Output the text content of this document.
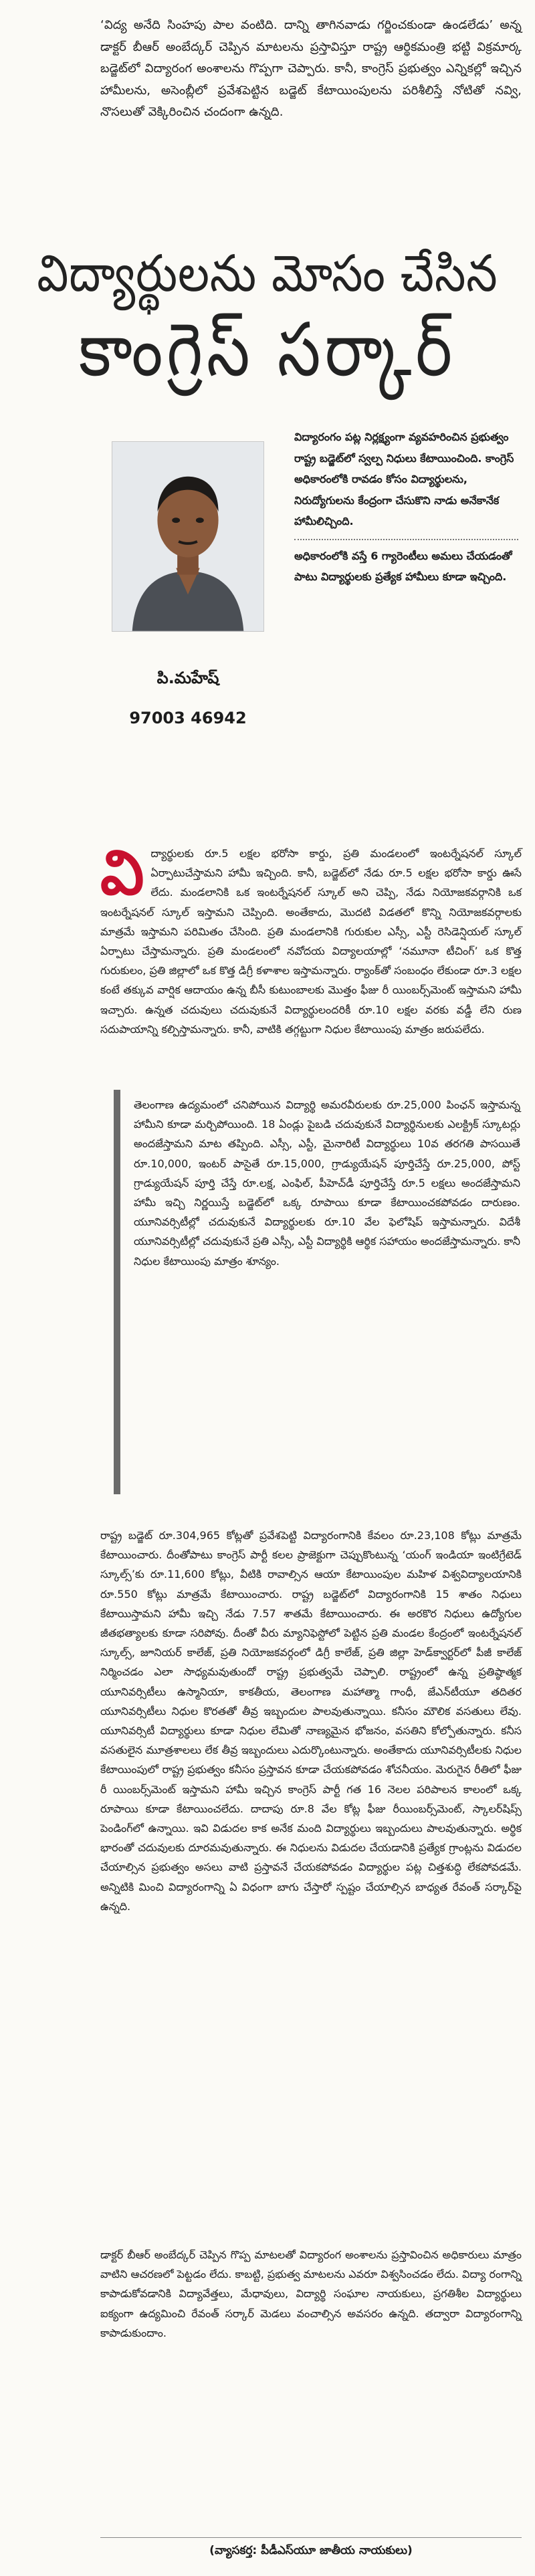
‘విద్య అనేది సింహపు పాల వంటిది. దాన్ని తాగినవాడు గర్జించకుండా ఉండలేడు’ అన్న డాక్టర్ బీఆర్ అంబేద్కర్ చెప్పిన మాటలను ప్రస్తావిస్తూ రాష్ట్ర ఆర్థికమంత్రి భట్టి విక్రమార్క బడ్జెట్‌లో విద్యారంగ అంశాలను గొప్పగా చెప్పారు. కానీ, కాంగ్రెస్ ప్రభుత్వం ఎన్నికల్లో ఇచ్చిన హామీలను, అసెంబ్లీలో ప్రవేశపెట్టిన బడ్జెట్ కేటాయింపులను పరిశీలిస్తే నోటితో నవ్వి, నొసలుతో వెక్కిరించిన చందంగా ఉన్నది.

విద్యార్థులను మోసం చేసిన
కాంగ్రెస్ సర్కార్
పి.మహేష్
97003 46942

విద్యారంగం పట్ల నిర్లక్ష్యంగా వ్యవహరించిన ప్రభుత్వం రాష్ట్ర బడ్జెట్‌లో స్వల్ప నిధులు కేటాయించింది. కాంగ్రెస్ అధికారంలోకి రావడం కోసం విద్యార్థులను, నిరుద్యోగులను కేంద్రంగా చేసుకొని నాడు అనేకానేక హామీలిచ్చింది.

అధికారంలోకి వస్తే 6 గ్యారెంటీలు అమలు చేయడంతో పాటు విద్యార్థులకు ప్రత్యేక హామీలు కూడా ఇచ్చింది.

వి ద్యార్థులకు రూ.5 లక్షల భరోసా కార్డు, ప్రతి మండలంలో ఇంటర్నేషనల్ స్కూల్ ఏర్పాటుచేస్తామని హామీ ఇచ్చింది. కానీ, బడ్జెట్‌లో నేడు రూ.5 లక్షల భరోసా కార్డు ఊసే లేదు. మండలానికి ఒక ఇంటర్నేషనల్ స్కూల్ అని చెప్పి, నేడు నియోజకవర్గానికి ఒక ఇంటర్నేషనల్ స్కూల్ ఇస్తామని చెప్పింది. అంతేకాదు, మొదటి విడతలో కొన్ని నియోజకవర్గాలకు మాత్రమే ఇస్తామని పరిమితం చేసింది. ప్రతి మండలానికి గురుకుల ఎస్సీ, ఎస్టీ రెసిడెన్షియల్ స్కూల్ ఏర్పాటు చేస్తామన్నారు. ప్రతి మండలంలో నవోదయ విద్యాలయాల్లో ‘నమూనా టీచింగ్’ ఒక కొత్త గురుకులం, ప్రతి జిల్లాలో ఒక కొత్త డిగ్రీ కళాశాల ఇస్తామన్నారు. ర్యాంక్‌తో సంబంధం లేకుండా రూ.3 లక్షల కంటే తక్కువ వార్షిక ఆదాయం ఉన్న బీసీ కుటుంబాలకు మొత్తం ఫీజు రీ యింబర్స్‌మెంట్ ఇస్తామని హామీ ఇచ్చారు. ఉన్నత చదువులు చదువుకునే విద్యార్థులందరికీ రూ.10 లక్షల వరకు వడ్డీ లేని రుణ సదుపాయాన్ని కల్పిస్తామన్నారు. కానీ, వాటికి తగ్గట్టుగా నిధుల కేటాయింపు మాత్రం జరుపలేదు.

తెలంగాణ ఉద్యమంలో చనిపోయిన విద్యార్థి అమరవీరులకు రూ.25,000 పింఛన్ ఇస్తామన్న హామీని కూడా మర్చిపోయింది. 18 ఏండ్లు పైబడి చదువుకునే విద్యార్థినులకు ఎలక్ట్రిక్ స్కూటర్లు అందజేస్తామని మాట తప్పింది. ఎస్సీ, ఎస్టీ, మైనారిటీ విద్యార్థులు 10వ తరగతి పాసయితే రూ.10,000, ఇంటర్ పాసైతే రూ.15,000, గ్రాడ్యుయేషన్ పూర్తిచేస్తే రూ.25,000, పోస్ట్ గ్రాడ్యుయేషన్ పూర్తి చేస్తే రూ.లక్ష, ఎంఫిల్, పీహెచ్‌డీ పూర్తిచేస్తే రూ.5 లక్షలు అందజేస్తామని హామీ ఇచ్చి నిర్ణయిస్తే బడ్జెట్‌లో ఒక్క రూపాయి కూడా కేటాయించకపోవడం దారుణం. యూనివర్సిటీల్లో చదువుకునే విద్యార్థులకు రూ.10 వేల ఫెలోషిప్ ఇస్తామన్నారు. విదేశీ యూనివర్సిటీల్లో చదువుకునే ప్రతి ఎస్సీ, ఎస్టీ విద్యార్థికి ఆర్థిక సహాయం అందజేస్తామన్నారు. కానీ నిధుల కేటాయింపు మాత్రం శూన్యం.

రాష్ట్ర బడ్జెట్ రూ.304,965 కోట్లతో ప్రవేశపెట్టి విద్యారంగానికి కేవలం రూ.23,108 కోట్లు మాత్రమే కేటాయించారు. దీంతోపాటు కాంగ్రెస్ పార్టీ కలల ప్రాజెక్టుగా చెప్పుకొంటున్న ‘యంగ్ ఇండియా ఇంటిగ్రేటెడ్ స్కూల్స్’కు రూ.11,600 కోట్లు, వీటికి రావాల్సిన ఆయా కేటాయింపుల మహిళ విశ్వవిద్యాలయానికి రూ.550 కోట్లు మాత్రమే కేటాయించారు. రాష్ట్ర బడ్జెట్‌లో విద్యారంగానికి 15 శాతం నిధులు కేటాయిస్తామని హామీ ఇచ్చి నేడు 7.57 శాతమే కేటాయించారు. ఈ అరకొర నిధులు ఉద్యోగుల జీతభత్యాలకు కూడా సరిపోవు. దీంతో వీరు మ్యానిఫెస్టోలో పెట్టిన ప్రతి మండల కేంద్రంలో ఇంటర్నేషనల్ స్కూల్స్, జూనియర్ కాలేజ్, ప్రతి నియోజకవర్గంలో డిగ్రీ కాలేజ్, ప్రతి జిల్లా హెడ్‌క్వార్టర్‌లో పీజీ కాలేజ్ నిర్మించడం ఎలా సాధ్యమవుతుందో రాష్ట్ర ప్రభుత్వమే చెప్పాలి. రాష్ట్రంలో ఉన్న ప్రతిష్ఠాత్మక యూనివర్సిటీలు ఉస్మానియా, కాకతీయ, తెలంగాణ మహాత్మా గాంధీ, జేఎన్‌టీయూ తదితర యూనివర్సిటీలు నిధుల కొరతతో తీవ్ర ఇబ్బందుల పాలవుతున్నాయి. కనీసం మౌలిక వసతులు లేవు. యూనివర్సిటీ విద్యార్థులు కూడా నిధుల లేమితో నాణ్యమైన భోజనం, వసతిని కోల్పోతున్నారు. కనీస వసతులైన మూత్రశాలలు లేక తీవ్ర ఇబ్బందులు ఎదుర్కొంటున్నారు. అంతేకాదు యూనివర్సిటీలకు నిధుల కేటాయింపులో రాష్ట్ర ప్రభుత్వం కనీసం ప్రస్తావన కూడా చేయకపోవడం శోచనీయం. మెరుగైన రీతిలో ఫీజు రీ యింబర్స్‌మెంట్ ఇస్తామని హామీ ఇచ్చిన కాంగ్రెస్ పార్టీ గత 16 నెలల పరిపాలన కాలంలో ఒక్క రూపాయి కూడా కేటాయించలేదు. దాదాపు రూ.8 వేల కోట్ల ఫీజు రీయింబర్స్‌మెంట్, స్కాలర్‌షిప్స్ పెండింగ్‌లో ఉన్నాయి. ఇవి విడుదల కాక అనేక మంది విద్యార్థులు ఇబ్బందులు పాలవుతున్నారు. అర్థిక భారంతో చదువులకు దూరమవుతున్నారు. ఈ నిధులను విడుదల చేయడానికి ప్రత్యేక గ్రాంట్లను విడుదల చేయాల్సిన ప్రభుత్వం అసలు వాటి ప్రస్తావనే చేయకపోవడం విద్యార్థుల పట్ల చిత్తశుద్ధి లేకపోవడమే. అన్నిటికి మించి విద్యారంగాన్ని ఏ విధంగా బాగు చేస్తారో స్పష్టం చేయాల్సిన బాధ్యత రేవంత్ సర్కార్‌పై ఉన్నది.

డాక్టర్ బీఆర్ అంబేద్కర్ చెప్పిన గొప్ప మాటలతో విద్యారంగ అంశాలను ప్రస్తావించిన అధికారులు మాత్రం వాటిని ఆచరణలో పెట్టడం లేదు. కాబట్టి, ప్రభుత్వ మాటలను ఎవరూ విశ్వసించడం లేదు. విద్యా రంగాన్ని కాపాడుకోవడానికి విద్యావేత్తలు, మేధావులు, విద్యార్థి సంఘాల నాయకులు, ప్రగతిశీల విద్యార్థులు ఐక్యంగా ఉద్యమించి రేవంత్ సర్కార్ మెడలు వంచాల్సిన అవసరం ఉన్నది. తద్వారా విద్యారంగాన్ని కాపాడుకుందాం.

(వ్యాసకర్త: పీడీఎస్‌యూ జాతీయ నాయకులు)
